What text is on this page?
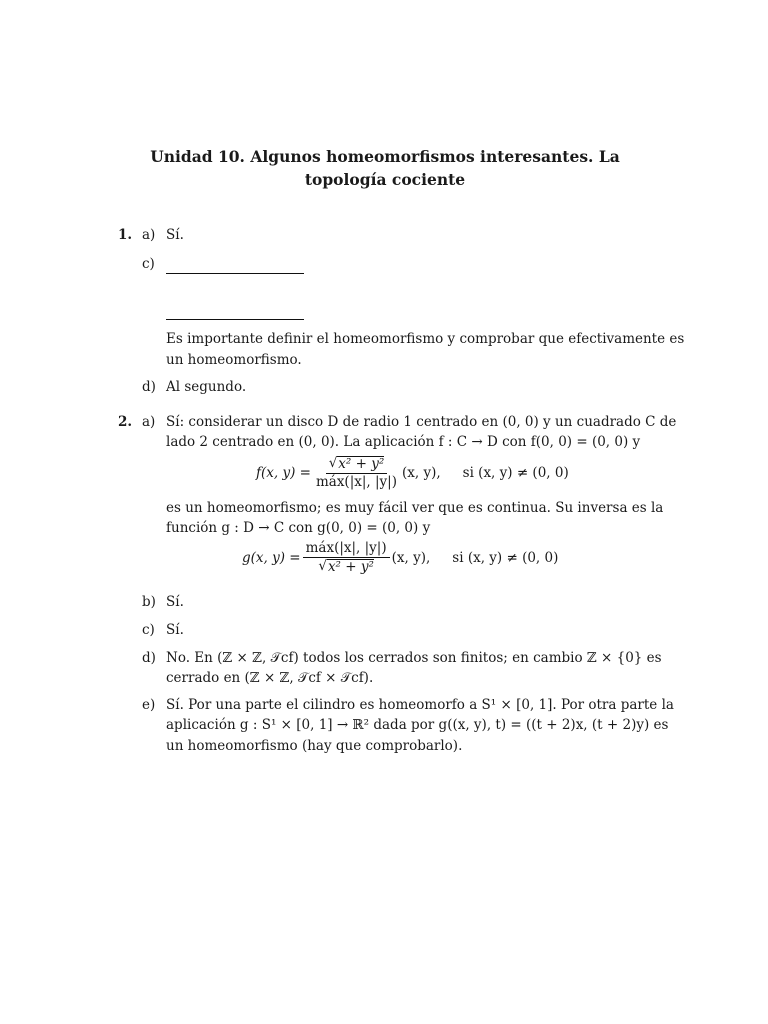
Unidad 10. Algunos homeomorfismos interesantes. La
topología cociente
1. a) Sí.
c)
Es importante definir el homeomorfismo y comprobar que efectivamente es
un homeomorfismo.
d) Al segundo.
2. a) Sí: considerar un disco D de radio 1 centrado en (0, 0) y un cuadrado C de
lado 2 centrado en (0, 0). La aplicación f : C → D con f(0, 0) = (0, 0) y
f(x, $y) = \frac{\text{√ x² + y²}}{\text{máx(|x|, |y|)}} (x$, y), si (x, y) ≠ (0, 0)
es un homeomorfismo; es muy fácil ver que es continua. Su inversa es la
función g : D → C con g(0, 0) = (0, 0) y
g(x, $y) = \frac{\text{máx(|x|, |y|)}}{\text{√ x² + y²}} (x$, y), si (x, y) ≠ (0, 0)
b) Sí.
c) Sí.
d) No. En (ℤ × ℤ, 𝒯cf) todos los cerrados son finitos; en cambio ℤ × {0} es
cerrado en (ℤ × ℤ, 𝒯cf × 𝒯cf).
e) Sí. Por una parte el cilindro es homeomorfo a S¹ × [0, 1]. Por otra parte la
aplicación g : S¹ × [0, 1] → ℝ² dada por g((x, y), t) = ((t + 2)x, (t + 2)y) es
un homeomorfismo (hay que comprobarlo).
